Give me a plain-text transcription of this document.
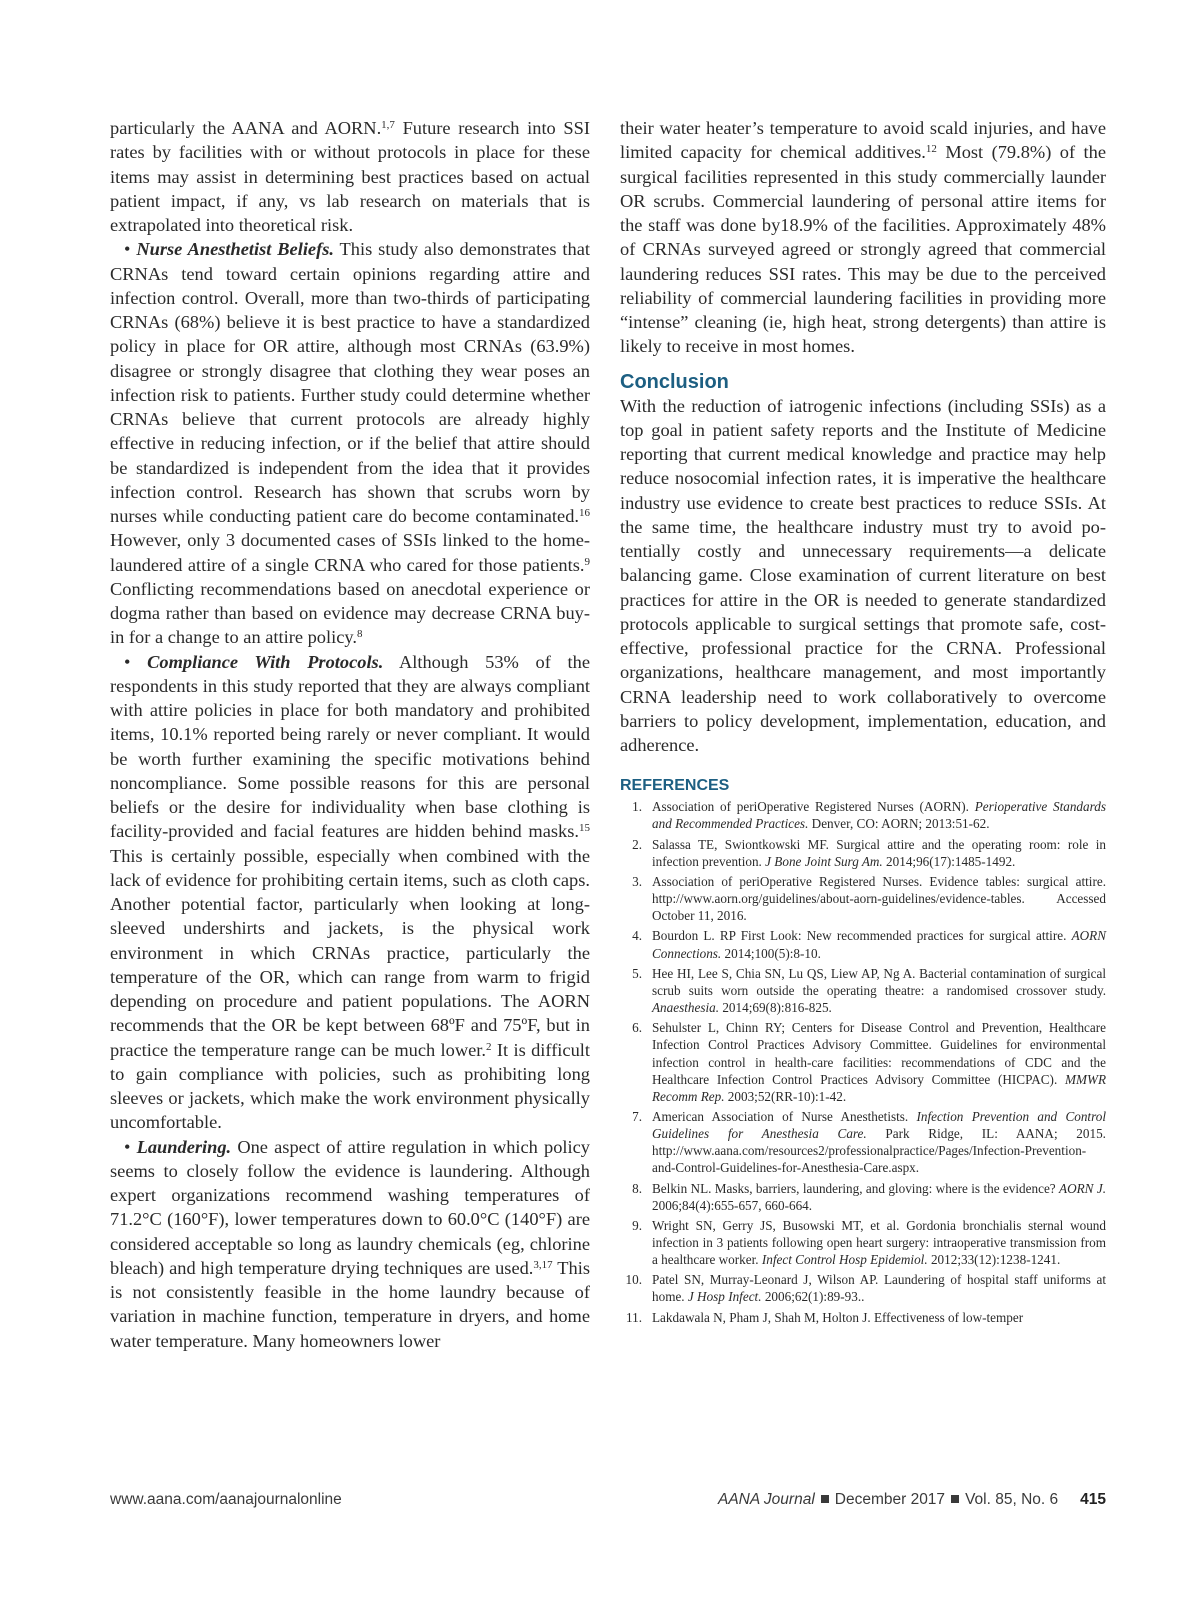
particularly the AANA and AORN.$^{1,7}$ Future research into SSI rates by facilities with or without protocols in place for these items may assist in determining best practices based on actual patient impact, if any, vs lab research on materials that is extrapolated into theoretical risk.

• Nurse Anesthetist Beliefs. This study also demonstrates that CRNAs tend toward certain opinions regarding attire and infection control. Overall, more than two-thirds of participating CRNAs (68%) believe it is best practice to have a standardized policy in place for OR attire, although most CRNAs (63.9%) disagree or strongly disagree that clothing they wear poses an infection risk to patients. Further study could determine whether CRNAs believe that current protocols are already highly effective in reducing infection, or if the belief that attire should be standardized is independent from the idea that it provides infection control. Research has shown that scrubs worn by nurses while conducting patient care do become contaminated.$^{16}$ However, only 3 documented cases of SSIs linked to the home-laundered attire of a single CRNA who cared for those patients.$^9$ Conflicting recommendations based on anecdotal experience or dogma rather than based on evidence may decrease CRNA buy-in for a change to an attire policy.$^8$

• Compliance With Protocols. Although 53% of the respondents in this study reported that they are always compliant with attire policies in place for both mandatory and prohibited items, 10.1% reported being rarely or never compliant. It would be worth further examining the specific motivations behind noncompliance. Some possible reasons for this are personal beliefs or the desire for individuality when base clothing is facility-provided and facial features are hidden behind masks.$^{15}$ This is certainly possible, especially when combined with the lack of evidence for prohibiting certain items, such as cloth caps. Another potential factor, particularly when looking at long-sleeved undershirts and jackets, is the physical work environment in which CRNAs practice, particularly the temperature of the OR, which can range from warm to frigid depending on procedure and patient populations. The AORN recommends that the OR be kept between 68ºF and 75ºF, but in practice the temperature range can be much lower.$^2$ It is difficult to gain compliance with policies, such as prohibiting long sleeves or jackets, which make the work environment physically uncomfortable.

• Laundering. One aspect of attire regulation in which policy seems to closely follow the evidence is laundering. Although expert organizations recommend washing temperatures of 71.2°C (160°F), lower temperatures down to 60.0°C (140°F) are considered acceptable so long as laundry chemicals (eg, chlorine bleach) and high temperature drying techniques are used.$^{3,17}$ This is not consistently feasible in the home laundry because of variation in machine function, temperature in dryers, and home water temperature. Many homeowners lower

their water heater’s temperature to avoid scald injuries, and have limited capacity for chemical additives.$^{12}$ Most (79.8%) of the surgical facilities represented in this study commercially launder OR scrubs. Commercial laundering of personal attire items for the staff was done by18.9% of the facilities. Approximately 48% of CRNAs surveyed agreed or strongly agreed that commercial laundering reduces SSI rates. This may be due to the perceived reliability of commercial laundering facilities in providing more “intense” cleaning (ie, high heat, strong detergents) than attire is likely to receive in most homes.

Conclusion

With the reduction of iatrogenic infections (including SSIs) as a top goal in patient safety reports and the Institute of Medicine reporting that current medical knowledge and practice may help reduce nosocomial infection rates, it is imperative the healthcare industry use evidence to create best practices to reduce SSIs. At the same time, the healthcare industry must try to avoid potentially costly and unnecessary requirements—a delicate balancing game. Close examination of current literature on best practices for attire in the OR is needed to generate standardized protocols applicable to surgical settings that promote safe, cost-effective, professional practice for the CRNA. Professional organizations, healthcare management, and most importantly CRNA leadership need to work collaboratively to overcome barriers to policy development, implementation, education, and adherence.

REFERENCES
1. Association of periOperative Registered Nurses (AORN). Perioperative Standards and Recommended Practices. Denver, CO: AORN; 2013:51-62.
2. Salassa TE, Swiontkowski MF. Surgical attire and the operating room: role in infection prevention. J Bone Joint Surg Am. 2014;96(17):1485-1492.
3. Association of periOperative Registered Nurses. Evidence tables: surgical attire. http://www.aorn.org/guidelines/about-aorn-guidelines/evidence-tables. Accessed October 11, 2016.
4. Bourdon L. RP First Look: New recommended practices for surgical attire. AORN Connections. 2014;100(5):8-10.
5. Hee HI, Lee S, Chia SN, Lu QS, Liew AP, Ng A. Bacterial contamination of surgical scrub suits worn outside the operating theatre: a randomised crossover study. Anaesthesia. 2014;69(8):816-825.
6. Sehulster L, Chinn RY; Centers for Disease Control and Prevention, Healthcare Infection Control Practices Advisory Committee. Guidelines for environmental infection control in health-care facilities: recommendations of CDC and the Healthcare Infection Control Practices Advisory Committee (HICPAC). MMWR Recomm Rep. 2003;52(RR-10):1-42.
7. American Association of Nurse Anesthetists. Infection Prevention and Control Guidelines for Anesthesia Care. Park Ridge, IL: AANA; 2015. http://www.aana.com/resources2/professionalpractice/Pages/Infection-Prevention-and-Control-Guidelines-for-Anesthesia-Care.aspx.
8. Belkin NL. Masks, barriers, laundering, and gloving: where is the evidence? AORN J. 2006;84(4):655-657, 660-664.
9. Wright SN, Gerry JS, Busowski MT, et al. Gordonia bronchialis sternal wound infection in 3 patients following open heart surgery: intraoperative transmission from a healthcare worker. Infect Control Hosp Epidemiol. 2012;33(12):1238-1241.
10. Patel SN, Murray-Leonard J, Wilson AP. Laundering of hospital staff uniforms at home. J Hosp Infect. 2006;62(1):89-93..
11. Lakdawala N, Pham J, Shah M, Holton J. Effectiveness of low-temper
www.aana.com/aanajournalonline	AANA Journal December 2017 Vol. 85, No. 6 415
